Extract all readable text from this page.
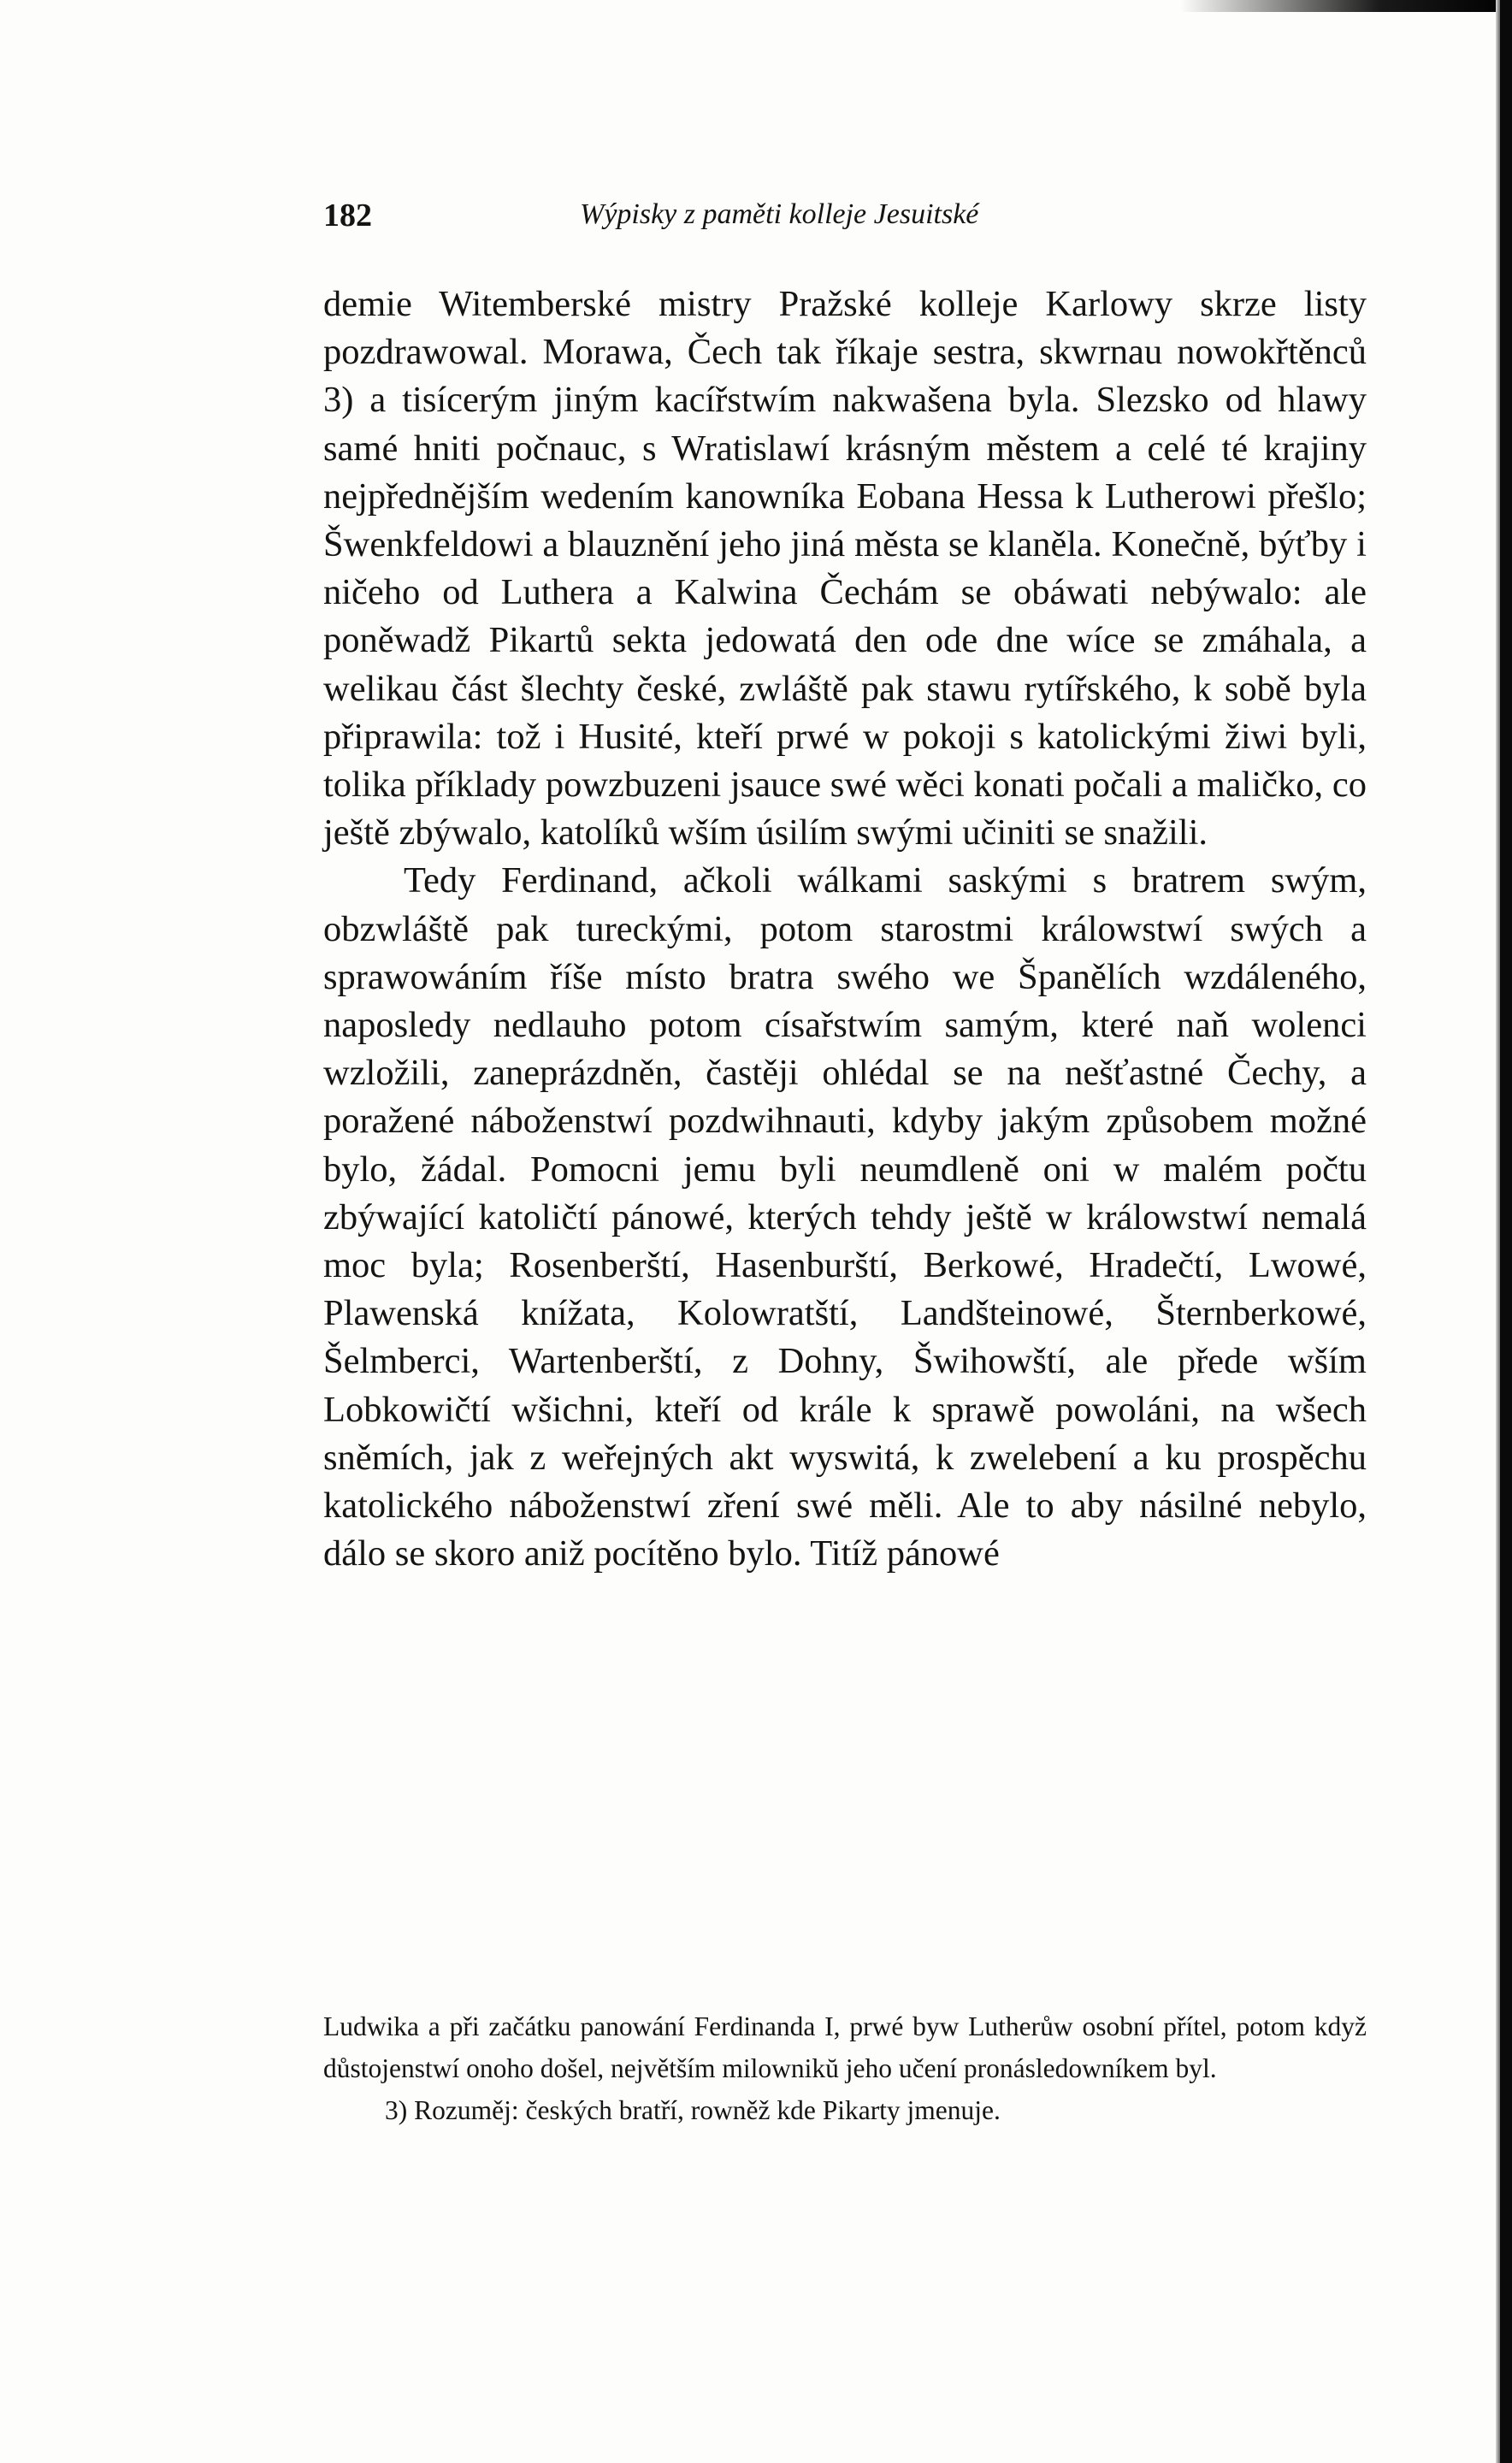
182	Wýpisky z paměti kolleje Jesuitské

demie Witemberské mistry Pražské kolleje Karlowy skrze listy pozdrawowal. Morawa, Čech tak říkaje sestra, skwrnau nowokřtěnců 3) a tisícerým jiným kacířstwím nakwašena byla. Slezsko od hlawy samé hniti počnauc, s Wratislawí krásným městem a celé té krajiny nejpřednějším wedením kanowníka Eobana Hessa k Lutherowi přešlo; Šwenkfeldowi a blauznění jeho jiná města se klaněla. Konečně, býťby i ničeho od Luthera a Kalwina Čechám se obáwati nebýwalo: ale poněwadž Pikartů sekta jedowatá den ode dne wíce se zmáhala, a welikau část šlechty české, zwláště pak stawu rytířského, k sobě byla připrawila: tož i Husité, kteří prwé w pokoji s katolickými žiwi byli, tolika příklady powzbuzeni jsauce swé wěci konati počali a maličko, co ještě zbýwalo, katolíků wším úsilím swými učiniti se snažili.

Tedy Ferdinand, ačkoli wálkami saskými s bratrem swým, obzwláště pak tureckými, potom starostmi králowstwí swých a sprawowáním říše místo bratra swého we Španělích wzdáleného, naposledy nedlauho potom císařstwím samým, které naň wolenci wzložili, zaneprázdněn, častěji ohlédal se na nešťastné Čechy, a poražené náboženstwí pozdwihnauti, kdyby jakým způsobem možné bylo, žádal. Pomocni jemu byli neumdleně oni w malém počtu zbýwající katoličtí pánowé, kterých tehdy ještě w králowstwí nemalá moc byla; Rosenberští, Hasenburští, Berkowé, Hradečtí, Lwowé, Plawenská knížata, Kolowratští, Landšteinowé, Šternberkowé, Šelmberci, Wartenberští, z Dohny, Šwihowští, ale přede wším Lobkowičtí wšichni, kteří od krále k sprawě powoláni, na wšech sněmích, jak z weřejných akt wyswitá, k zwelebení a ku prospěchu katolického náboženstwí zření swé měli. Ale to aby násilné nebylo, dálo se skoro aniž pocítěno bylo. Titíž pánowé

Ludwika a při začátku panowání Ferdinanda I, prwé byw Lutherůw osobní přítel, potom když důstojenstwí onoho došel, největším milownikŭ jeho učení pronásledowníkem byl.

3) Rozuměj: českých bratří, rowněž kde Pikarty jmenuje.
